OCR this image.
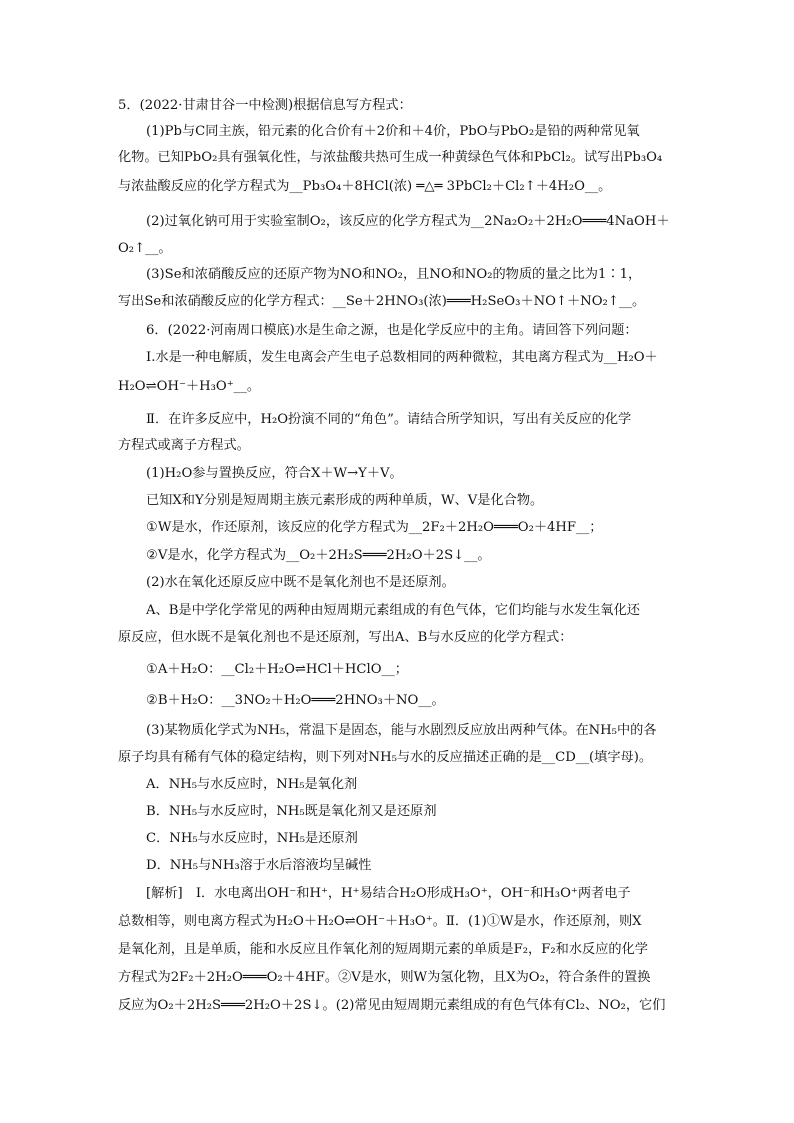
5．(2022·甘肃甘谷一中检测)根据信息写方程式：
(1)Pb与C同主族，铅元素的化合价有＋2价和＋4价，PbO与PbO₂是铅的两种常见氧
化物。已知PbO₂具有强氧化性，与浓盐酸共热可生成一种黄绿色气体和PbCl₂。试写出Pb₃O₄
与浓盐酸反应的化学方程式为__Pb₃O₄＋8HCl(浓) ═△═ 3PbCl₂＋Cl₂↑＋4H₂O__。
(2)过氧化钠可用于实验室制O₂，该反应的化学方程式为__2Na₂O₂＋2H₂O═══4NaOH＋
O₂↑__。
(3)Se和浓硝酸反应的还原产物为NO和NO₂，且NO和NO₂的物质的量之比为1∶1，
写出Se和浓硝酸反应的化学方程式：__Se＋2HNO₃(浓)═══H₂SeO₃＋NO↑＋NO₂↑__。
6．(2022·河南周口模底)水是生命之源，也是化学反应中的主角。请回答下列问题：
Ⅰ.水是一种电解质，发生电离会产生电子总数相同的两种微粒，其电离方程式为__H₂O＋
H₂O⇌OH⁻＋H₃O⁺__。
Ⅱ．在许多反应中，H₂O扮演不同的“角色”。请结合所学知识，写出有关反应的化学
方程式或离子方程式。
(1)H₂O参与置换反应，符合X＋W→Y＋V。
已知X和Y分别是短周期主族元素形成的两种单质，W、V是化合物。
①W是水，作还原剂，该反应的化学方程式为__2F₂＋2H₂O═══O₂＋4HF__；
②V是水，化学方程式为__O₂＋2H₂S═══2H₂O＋2S↓__。
(2)水在氧化还原反应中既不是氧化剂也不是还原剂。
A、B是中学化学常见的两种由短周期元素组成的有色气体，它们均能与水发生氧化还
原反应，但水既不是氧化剂也不是还原剂，写出A、B与水反应的化学方程式：
①A＋H₂O：__Cl₂＋H₂O⇌HCl＋HClO__；
②B＋H₂O：__3NO₂＋H₂O═══2HNO₃＋NO__。
(3)某物质化学式为NH₅，常温下是固态，能与水剧烈反应放出两种气体。在NH₅中的各
原子均具有稀有气体的稳定结构，则下列对NH₅与水的反应描述正确的是__CD__(填字母)。
A．NH₅与水反应时，NH₅是氧化剂
B．NH₅与水反应时，NH₅既是氧化剂又是还原剂
C．NH₅与水反应时，NH₅是还原剂
D．NH₅与NH₃溶于水后溶液均呈碱性
[解析]　Ⅰ．水电离出OH⁻和H⁺，H⁺易结合H₂O形成H₃O⁺，OH⁻和H₃O⁺两者电子
总数相等，则电离方程式为H₂O＋H₂O⇌OH⁻＋H₃O⁺。Ⅱ．(1)①W是水，作还原剂，则X
是氧化剂，且是单质，能和水反应且作氧化剂的短周期元素的单质是F₂，F₂和水反应的化学
方程式为2F₂＋2H₂O═══O₂＋4HF。②V是水，则W为氢化物，且X为O₂，符合条件的置换
反应为O₂＋2H₂S═══2H₂O＋2S↓。(2)常见由短周期元素组成的有色气体有Cl₂、NO₂，它们
